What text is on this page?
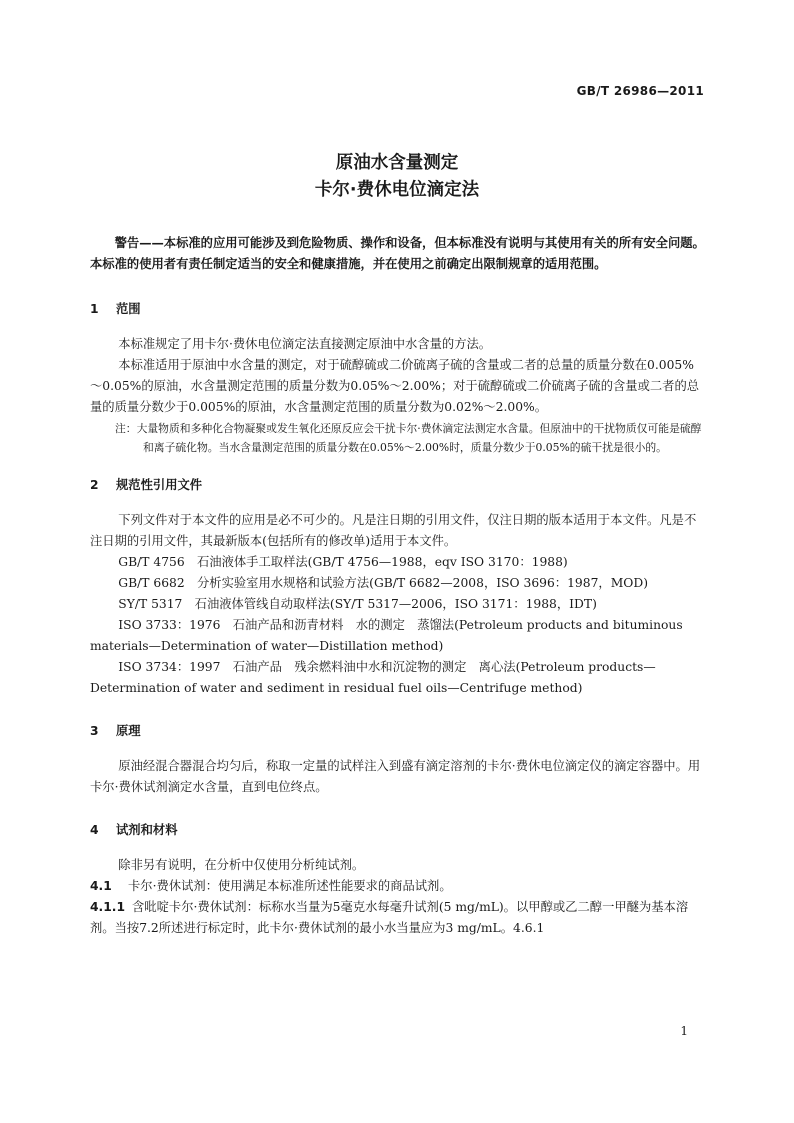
GB/T 26986—2011
原油水含量测定
卡尔·费休电位滴定法

警告——本标准的应用可能涉及到危险物质、操作和设备，但本标准没有说明与其使用有关的所有安全问题。本标准的使用者有责任制定适当的安全和健康措施，并在使用之前确定出限制规章的适用范围。

1 范围

本标准规定了用卡尔·费休电位滴定法直接测定原油中水含量的方法。

本标准适用于原油中水含量的测定，对于硫醇硫或二价硫离子硫的含量或二者的总量的质量分数在0.005%～0.05%的原油，水含量测定范围的质量分数为0.05%～2.00%；对于硫醇硫或二价硫离子硫的含量或二者的总量的质量分数少于0.005%的原油，水含量测定范围的质量分数为0.02%～2.00%。

注：大量物质和多种化合物凝聚或发生氧化还原反应会干扰卡尔·费休滴定法测定水含量。但原油中的干扰物质仅可能是硫醇和离子硫化物。当水含量测定范围的质量分数在0.05%～2.00%时，质量分数少于0.05%的硫干扰是很小的。

2 规范性引用文件

下列文件对于本文件的应用是必不可少的。凡是注日期的引用文件，仅注日期的版本适用于本文件。凡是不注日期的引用文件，其最新版本(包括所有的修改单)适用于本文件。

GB/T 4756　石油液体手工取样法(GB/T 4756—1988，eqv ISO 3170：1988)

GB/T 6682　分析实验室用水规格和试验方法(GB/T 6682—2008，ISO 3696：1987，MOD)

SY/T 5317　石油液体管线自动取样法(SY/T 5317—2006，ISO 3171：1988，IDT)

ISO 3733：1976　石油产品和沥青材料　水的测定　蒸馏法(Petroleum products and bituminous materials—Determination of water—Distillation method)

ISO 3734：1997　石油产品　残余燃料油中水和沉淀物的测定　离心法(Petroleum products—Determination of water and sediment in residual fuel oils—Centrifuge method)

3 原理

原油经混合器混合均匀后，称取一定量的试样注入到盛有滴定溶剂的卡尔·费休电位滴定仪的滴定容器中。用卡尔·费休试剂滴定水含量，直到电位终点。

4 试剂和材料

除非另有说明，在分析中仅使用分析纯试剂。

4.1 卡尔·费休试剂：使用满足本标准所述性能要求的商品试剂。

4.1.1 含吡啶卡尔·费休试剂：标称水当量为5毫克水每毫升试剂(5 mg/mL)。以甲醇或乙二醇一甲醚为基本溶剂。当按7.2所述进行标定时，此卡尔·费休试剂的最小水当量应为3 mg/mL。4.6.1

1
